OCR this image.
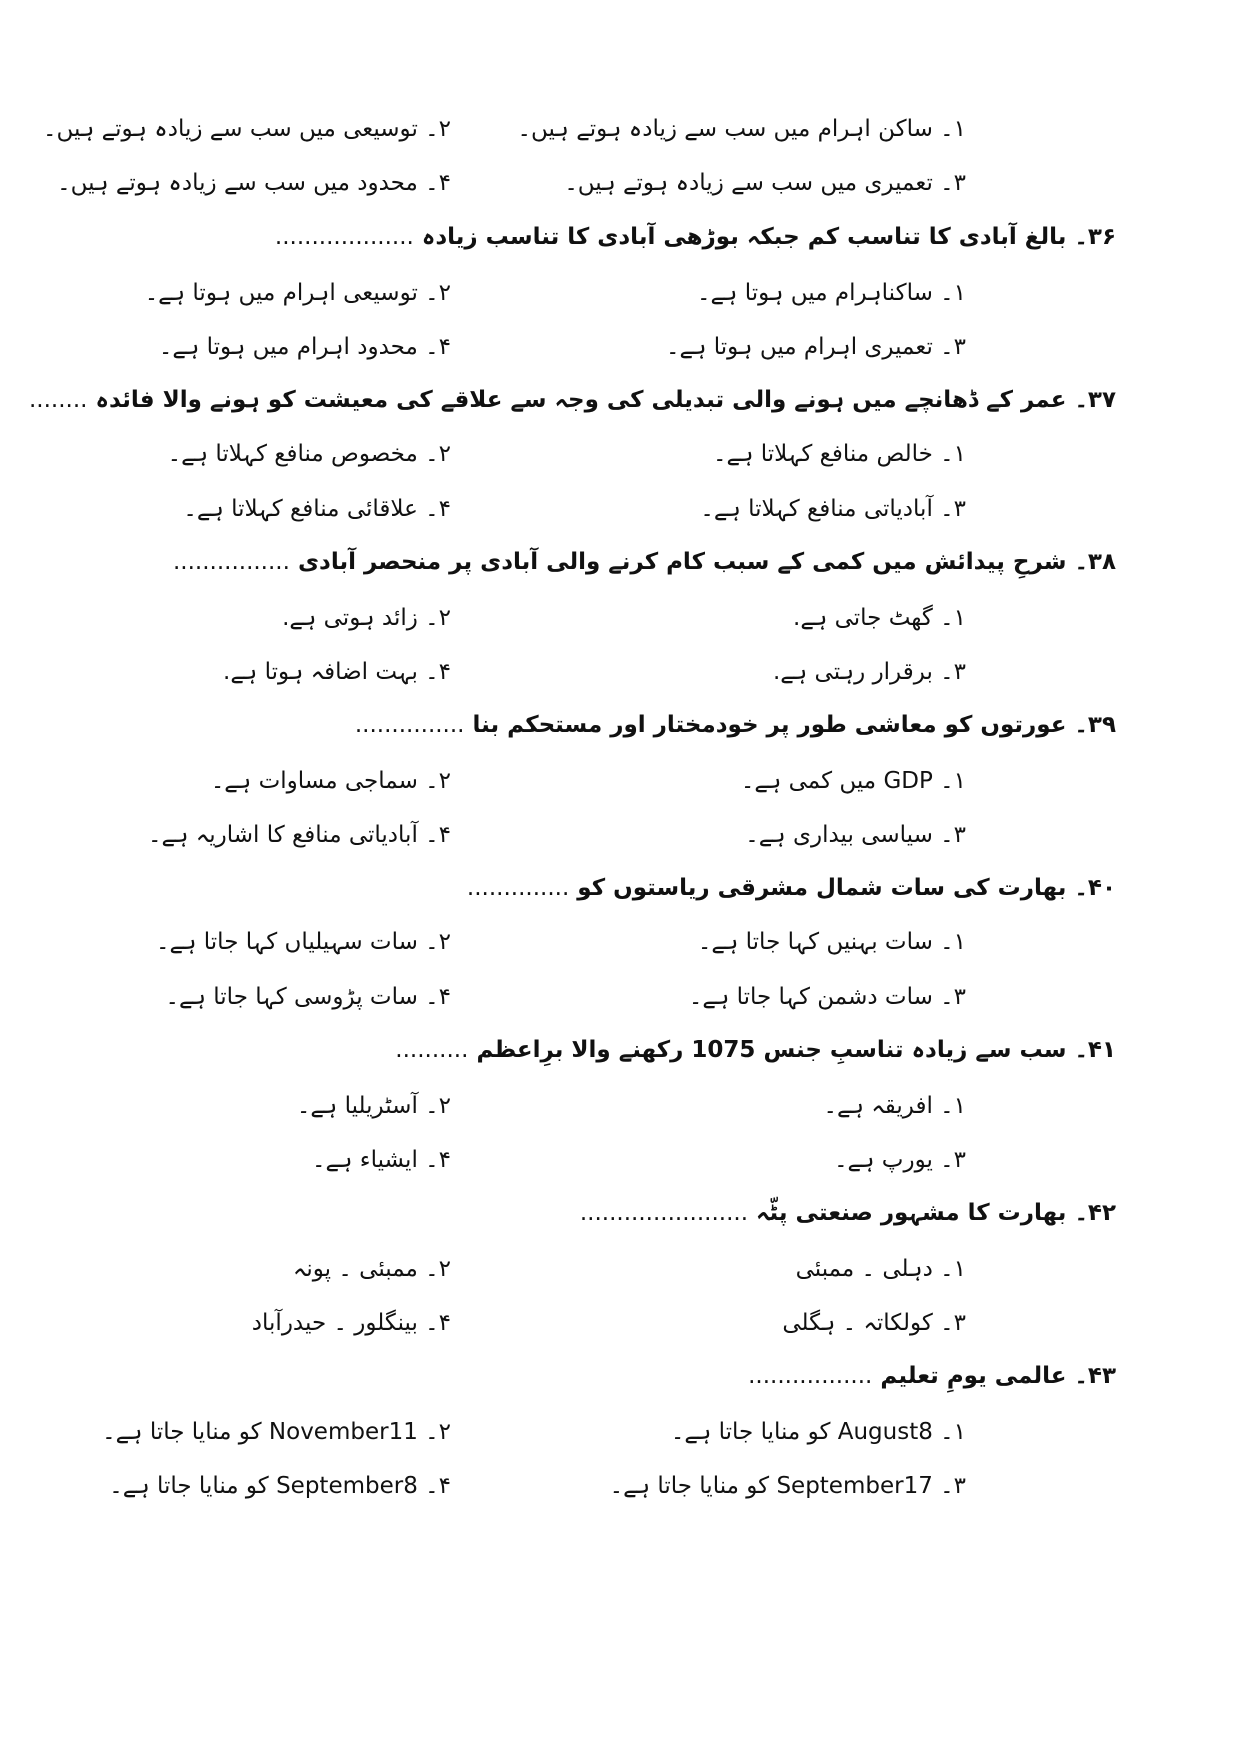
۱۔ ساکن اہرام میں سب سے زیادہ ہوتے ہیں۔
۲۔ توسیعی میں سب سے زیادہ ہوتے ہیں۔
۳۔ تعمیری میں سب سے زیادہ ہوتے ہیں۔
۴۔ محدود میں سب سے زیادہ ہوتے ہیں۔
۳۶۔ بالغ آبادی کا تناسب کم جبکہ بوڑھی آبادی کا تناسب زیادہ ...................
۱۔ ساکناہرام میں ہوتا ہے۔
۲۔ توسیعی اہرام میں ہوتا ہے۔
۳۔ تعمیری اہرام میں ہوتا ہے۔
۴۔ محدود اہرام میں ہوتا ہے۔
۳۷۔ عمر کے ڈھانچے میں ہونے والی تبدیلی کی وجہ سے علاقے کی معیشت کو ہونے والا فائدہ ........
۱۔ خالص منافع کہلاتا ہے۔
۲۔ مخصوص منافع کہلاتا ہے۔
۳۔ آبادیاتی منافع کہلاتا ہے۔
۴۔ علاقائی منافع کہلاتا ہے۔
۳۸۔ شرحِ پیدائش میں کمی کے سبب کام کرنے والی آبادی پر منحصر آبادی ................
۱۔ گھٹ جاتی ہے.
۲۔ زائد ہوتی ہے.
۳۔ برقرار رہتی ہے.
۴۔ بہت اضافہ ہوتا ہے.
۳۹۔ عورتوں کو معاشی طور پر خودمختار اور مستحکم بنا ...............
۱۔ GDP میں کمی ہے۔
۲۔ سماجی مساوات ہے۔
۳۔ سیاسی بیداری ہے۔
۴۔ آبادیاتی منافع کا اشاریہ ہے۔
۴۰۔ بھارت کی سات شمال مشرقی ریاستوں کو ..............
۱۔ سات بہنیں کہا جاتا ہے۔
۲۔ سات سہیلیاں کہا جاتا ہے۔
۳۔ سات دشمن کہا جاتا ہے۔
۴۔ سات پڑوسی کہا جاتا ہے۔
۴۱۔ سب سے زیادہ تناسبِ جنس 1075 رکھنے والا برِاعظم ..........
۱۔ افریقہ ہے۔
۲۔ آسٹریلیا ہے۔
۳۔ یورپ ہے۔
۴۔ ایشیاء ہے۔
۴۲۔ بھارت کا مشہور صنعتی پٹّہ .......................
۱۔ دہلی ۔ ممبئی
۲۔ ممبئی ۔ پونہ
۳۔ کولکاتہ ۔ ہگلی
۴۔ بینگلور ۔ حیدرآباد
۴۳۔ عالمی یومِ تعلیم .................
۱۔ August8 کو منایا جاتا ہے۔
۲۔ November11 کو منایا جاتا ہے۔
۳۔ September17 کو منایا جاتا ہے۔
۴۔ September8 کو منایا جاتا ہے۔
